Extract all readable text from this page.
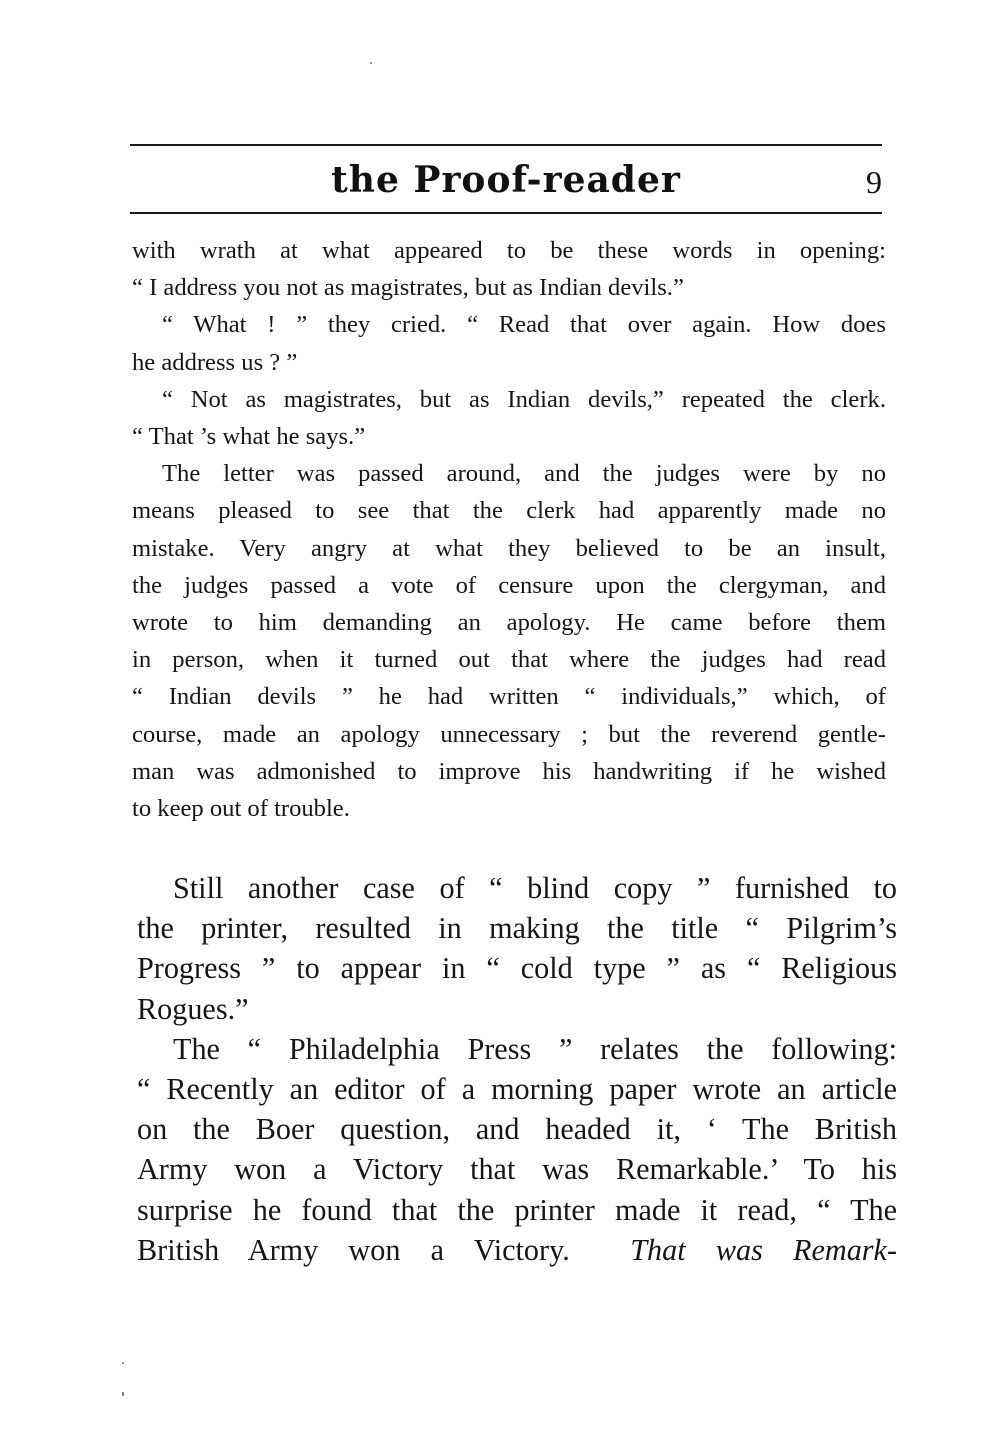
the Proof-reader	9
with wrath at what appeared to be these words in opening:
“ I address you not as magistrates, but as Indian devils.”
“ What ! ” they cried. “ Read that over again. How does
he address us ? ”
“ Not as magistrates, but as Indian devils,” repeated the clerk.
“ That ’s what he says.”
The letter was passed around, and the judges were by no
means pleased to see that the clerk had apparently made no
mistake. Very angry at what they believed to be an insult,
the judges passed a vote of censure upon the clergyman, and
wrote to him demanding an apology. He came before them
in person, when it turned out that where the judges had read
“ Indian devils ” he had written “ individuals,” which, of
course, made an apology unnecessary ; but the reverend gentle-
man was admonished to improve his handwriting if he wished
to keep out of trouble.
Still another case of “ blind copy ” furnished to
the printer, resulted in making the title “ Pilgrim’s
Progress ” to appear in “ cold type ” as “ Religious
Rogues.”
The “ Philadelphia Press ” relates the following:
“ Recently an editor of a morning paper wrote an article
on the Boer question, and headed it, ‘ The British
Army won a Victory that was Remarkable.’ To his
surprise he found that the printer made it read, “ The
British Army won a Victory. That was Remark-
